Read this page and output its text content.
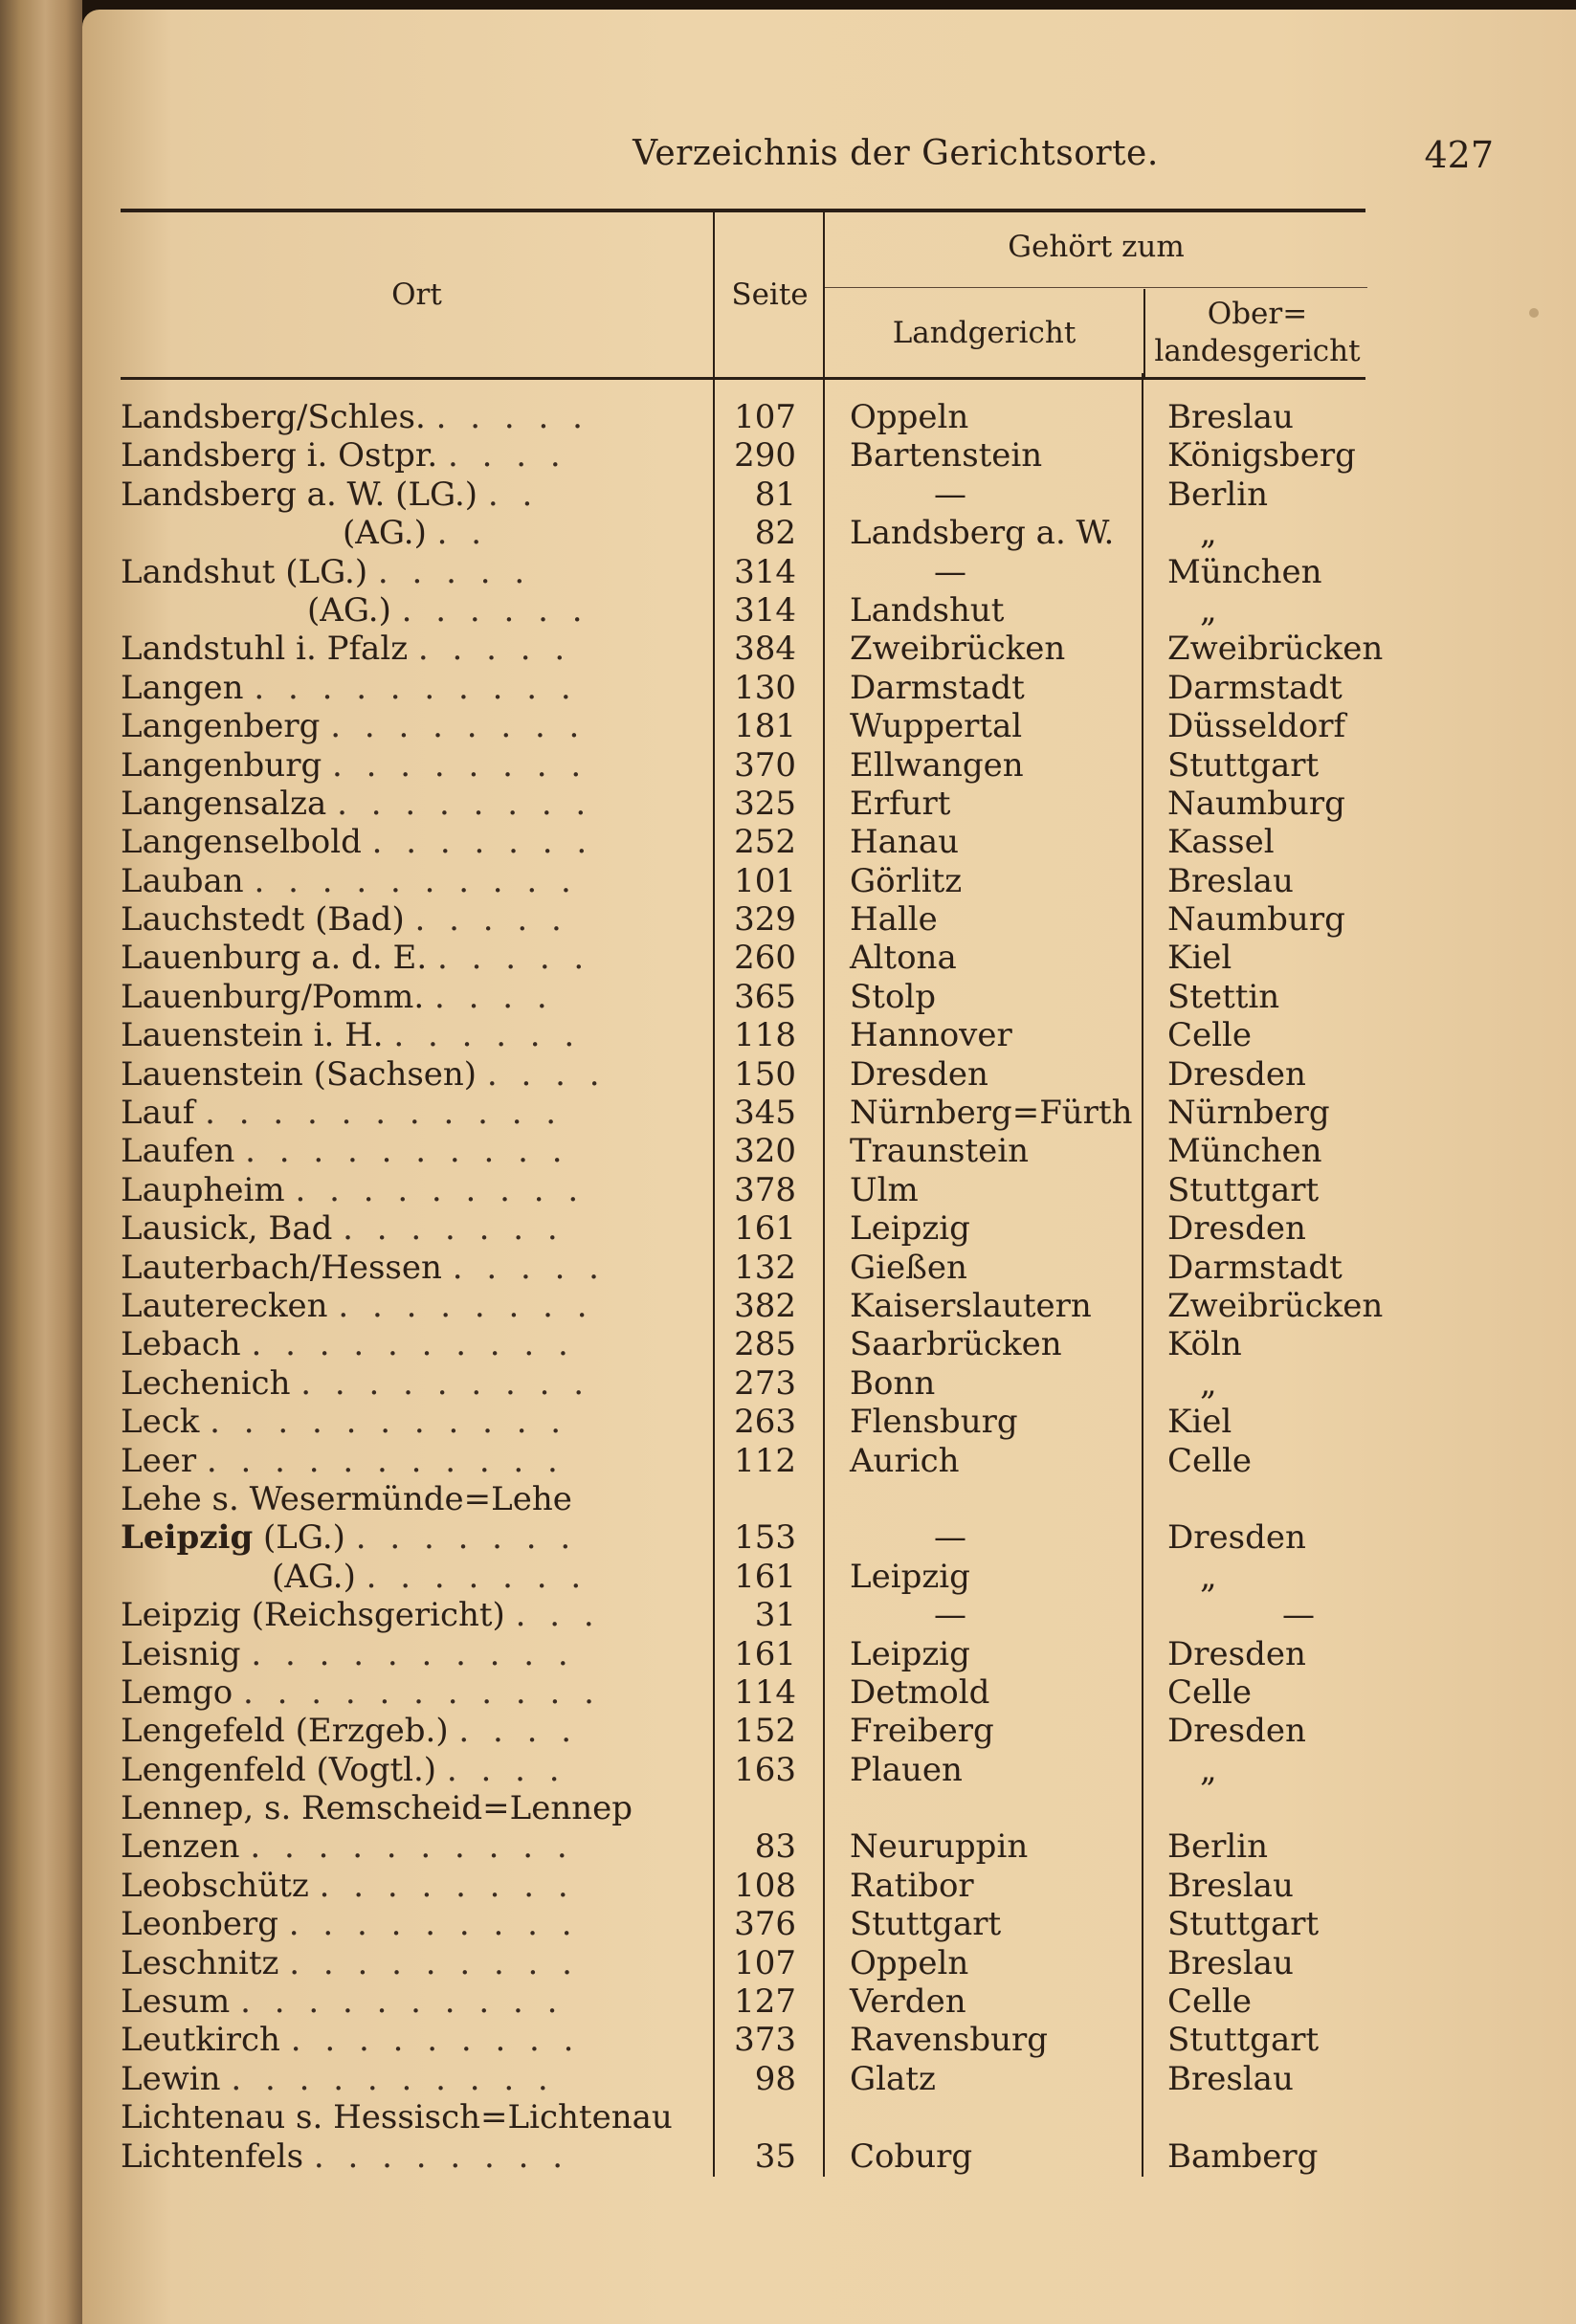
Verzeichnis der Gerichtsorte.	427
Ort	Seite
Gehört zum
Landgericht
Ober=
landesgericht
Landsberg/Schles. . . . . .	107	Oppeln	Breslau
Landsberg i. Ostpr. . . . .	290	Bartenstein	Königsberg
Landsberg a. W. (LG.) . .	81	—	Berlin
(AG.) . .	82	Landsberg a. W.	„
Landshut (LG.) . . . . .	314	—	München
(AG.) . . . . . .	314	Landshut	„
Landstuhl i. Pfalz . . . . .	384	Zweibrücken	Zweibrücken
Langen . . . . . . . . . .	130	Darmstadt	Darmstadt
Langenberg . . . . . . . .	181	Wuppertal	Düsseldorf
Langenburg . . . . . . . .	370	Ellwangen	Stuttgart
Langensalza . . . . . . . .	325	Erfurt	Naumburg
Langenselbold . . . . . . .	252	Hanau	Kassel
Lauban . . . . . . . . . .	101	Görlitz	Breslau
Lauchstedt (Bad) . . . . .	329	Halle	Naumburg
Lauenburg a. d. E. . . . . .	260	Altona	Kiel
Lauenburg/Pomm. . . . .	365	Stolp	Stettin
Lauenstein i. H. . . . . . .	118	Hannover	Celle
Lauenstein (Sachsen) . . . .	150	Dresden	Dresden
Lauf . . . . . . . . . . .	345	Nürnberg=Fürth	Nürnberg
Laufen . . . . . . . . . .	320	Traunstein	München
Laupheim . . . . . . . . .	378	Ulm	Stuttgart
Lausick, Bad . . . . . . .	161	Leipzig	Dresden
Lauterbach/Hessen . . . . .	132	Gießen	Darmstadt
Lauterecken . . . . . . . .	382	Kaiserslautern	Zweibrücken
Lebach . . . . . . . . . .	285	Saarbrücken	Köln
Lechenich . . . . . . . . .	273	Bonn	„
Leck . . . . . . . . . . .	263	Flensburg	Kiel
Leer . . . . . . . . . . .	112	Aurich	Celle
Lehe s. Wesermünde=Lehe
Leipzig (LG.) . . . . . . .	153	—	Dresden
(AG.) . . . . . . .	161	Leipzig	„
Leipzig (Reichsgericht) . . .	31	—	—
Leisnig . . . . . . . . . .	161	Leipzig	Dresden
Lemgo . . . . . . . . . . .	114	Detmold	Celle
Lengefeld (Erzgeb.) . . . .	152	Freiberg	Dresden
Lengenfeld (Vogtl.) . . . .	163	Plauen	„
Lennep, s. Remscheid=Lennep
Lenzen . . . . . . . . . .	83	Neuruppin	Berlin
Leobschütz . . . . . . . .	108	Ratibor	Breslau
Leonberg . . . . . . . . .	376	Stuttgart	Stuttgart
Leschnitz . . . . . . . . .	107	Oppeln	Breslau
Lesum . . . . . . . . . .	127	Verden	Celle
Leutkirch . . . . . . . . .	373	Ravensburg	Stuttgart
Lewin . . . . . . . . . .	98	Glatz	Breslau
Lichtenau s. Hessisch=Lichtenau
Lichtenfels . . . . . . . .	35	Coburg	Bamberg
